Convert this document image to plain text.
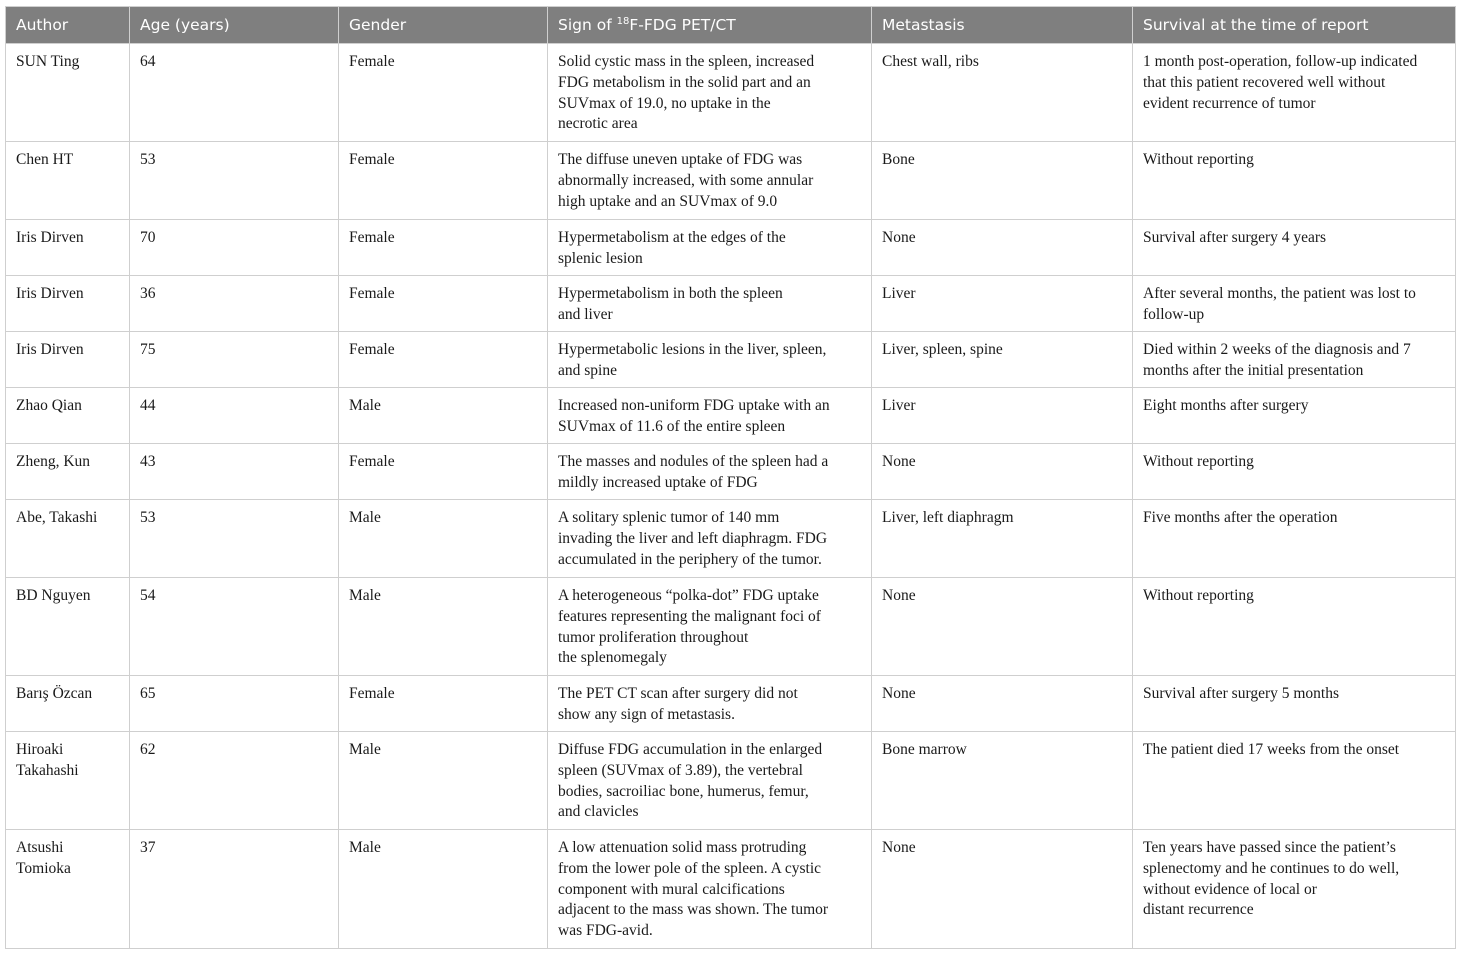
Author	Age (years)	Gender	Sign of $^{18}$F-FDG PET/CT	Metastasis	Survival at the time of report

SUN Ting	64	Female	Solid cystic mass in the spleen, increased
FDG metabolism in the solid part and an
SUVmax of 19.0, no uptake in the
necrotic area	Chest wall, ribs	1 month post-operation, follow-up indicated
that this patient recovered well without
evident recurrence of tumor

Chen HT	53	Female	The diffuse uneven uptake of FDG was
abnormally increased, with some annular
high uptake and an SUVmax of 9.0	Bone	Without reporting

Iris Dirven	70	Female	Hypermetabolism at the edges of the
splenic lesion	None	Survival after surgery 4 years

Iris Dirven	36	Female	Hypermetabolism in both the spleen
and liver	Liver	After several months, the patient was lost to
follow-up

Iris Dirven	75	Female	Hypermetabolic lesions in the liver, spleen,
and spine	Liver, spleen, spine	Died within 2 weeks of the diagnosis and 7
months after the initial presentation

Zhao Qian	44	Male	Increased non-uniform FDG uptake with an
SUVmax of 11.6 of the entire spleen	Liver	Eight months after surgery

Zheng, Kun	43	Female	The masses and nodules of the spleen had a
mildly increased uptake of FDG	None	Without reporting

Abe, Takashi	53	Male	A solitary splenic tumor of 140 mm
invading the liver and left diaphragm. FDG
accumulated in the periphery of the tumor.	Liver, left diaphragm	Five months after the operation

BD Nguyen	54	Male	A heterogeneous “polka-dot” FDG uptake
features representing the malignant foci of
tumor proliferation throughout
the splenomegaly	None	Without reporting

Barış Özcan	65	Female	The PET CT scan after surgery did not
show any sign of metastasis.	None	Survival after surgery 5 months

Hiroaki
Takahashi	62	Male	Diffuse FDG accumulation in the enlarged
spleen (SUVmax of 3.89), the vertebral
bodies, sacroiliac bone, humerus, femur,
and clavicles	Bone marrow	The patient died 17 weeks from the onset

Atsushi
Tomioka	37	Male	A low attenuation solid mass protruding
from the lower pole of the spleen. A cystic
component with mural calcifications
adjacent to the mass was shown. The tumor
was FDG-avid.	None	Ten years have passed since the patient’s
splenectomy and he continues to do well,
without evidence of local or
distant recurrence
